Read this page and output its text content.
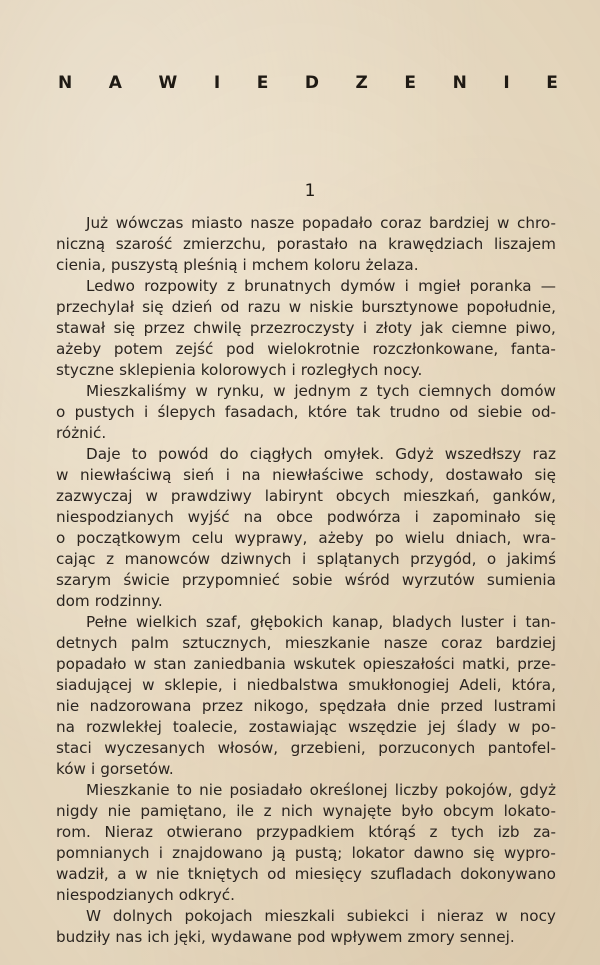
N A W I E D Z E N I E
1
Już wówczas miasto nasze popadało coraz bardziej w chro-
niczną szarość zmierzchu, porastało na krawędziach liszajem
cienia, puszystą pleśnią i mchem koloru żelaza.
Ledwo rozpowity z brunatnych dymów i mgieł poranka —
przechylał się dzień od razu w niskie bursztynowe popołudnie,
stawał się przez chwilę przezroczysty i złoty jak ciemne piwo,
ażeby potem zejść pod wielokrotnie rozczłonkowane, fanta-
styczne sklepienia kolorowych i rozległych nocy.
Mieszkaliśmy w rynku, w jednym z tych ciemnych domów
o pustych i ślepych fasadach, które tak trudno od siebie od-
różnić.
Daje to powód do ciągłych omyłek. Gdyż wszedłszy raz
w niewłaściwą sień i na niewłaściwe schody, dostawało się
zazwyczaj w prawdziwy labirynt obcych mieszkań, ganków,
niespodzianych wyjść na obce podwórza i zapominało się
o początkowym celu wyprawy, ażeby po wielu dniach, wra-
cając z manowców dziwnych i splątanych przygód, o jakimś
szarym świcie przypomnieć sobie wśród wyrzutów sumienia
dom rodzinny.
Pełne wielkich szaf, głębokich kanap, bladych luster i tan-
detnych palm sztucznych, mieszkanie nasze coraz bardziej
popadało w stan zaniedbania wskutek opieszałości matki, prze-
siadującej w sklepie, i niedbalstwa smukłonogiej Adeli, która,
nie nadzorowana przez nikogo, spędzała dnie przed lustrami
na rozwlekłej toalecie, zostawiając wszędzie jej ślady w po-
staci wyczesanych włosów, grzebieni, porzuconych pantofel-
ków i gorsetów.
Mieszkanie to nie posiadało określonej liczby pokojów, gdyż
nigdy nie pamiętano, ile z nich wynajęte było obcym lokato-
rom. Nieraz otwierano przypadkiem którąś z tych izb za-
pomnianych i znajdowano ją pustą; lokator dawno się wypro-
wadził, a w nie tkniętych od miesięcy szufladach dokonywano
niespodzianych odkryć.
W dolnych pokojach mieszkali subiekci i nieraz w nocy
budziły nas ich jęki, wydawane pod wpływem zmory sennej.
